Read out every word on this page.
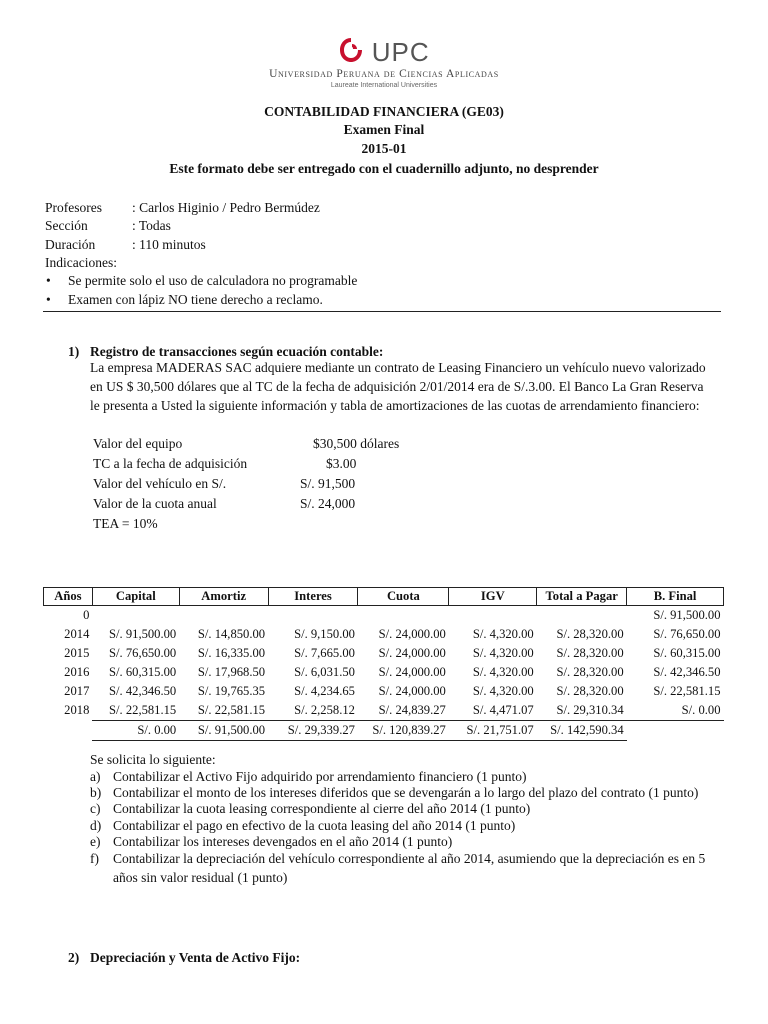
UPC
Universidad Peruana de Ciencias Aplicadas
Laureate International Universities
CONTABILIDAD FINANCIERA (GE03)
Examen Final
2015-01
Este formato debe ser entregado con el cuadernillo adjunto, no desprender
Profesores : Carlos Higinio / Pedro Bermúdez
Sección	: Todas
Duración	: 110 minutos
Indicaciones:
• Se permite solo el uso de calculadora no programable
• Examen con lápiz NO tiene derecho a reclamo.
1) Registro de transacciones según ecuación contable:
La empresa MADERAS SAC adquiere mediante un contrato de Leasing Financiero un vehículo nuevo valorizado
en US $ 30,500 dólares que al TC de la fecha de adquisición 2/01/2014 era de S/.3.00. El Banco La Gran Reserva
le presenta a Usted la siguiente información y tabla de amortizaciones de las cuotas de arrendamiento financiero:
Valor del equipo	$30,500 dólares
TC a la fecha de adquisición	$3.00
Valor del vehículo en S/.	S/. 91,500
Valor de la cuota anual	S/. 24,000
TEA = 10%
Años	Capital	Amortiz	Interes	Cuota	IGV	Total a Pagar	B. Final
0							S/. 91,500.00
2014	S/. 91,500.00	S/. 14,850.00	S/. 9,150.00	S/. 24,000.00	S/. 4,320.00	S/. 28,320.00	S/. 76,650.00
2015	S/. 76,650.00	S/. 16,335.00	S/. 7,665.00	S/. 24,000.00	S/. 4,320.00	S/. 28,320.00	S/. 60,315.00
2016	S/. 60,315.00	S/. 17,968.50	S/. 6,031.50	S/. 24,000.00	S/. 4,320.00	S/. 28,320.00	S/. 42,346.50
2017	S/. 42,346.50	S/. 19,765.35	S/. 4,234.65	S/. 24,000.00	S/. 4,320.00	S/. 28,320.00	S/. 22,581.15
2018	S/. 22,581.15	S/. 22,581.15	S/. 2,258.12	S/. 24,839.27	S/. 4,471.07	S/. 29,310.34	S/. 0.00
	S/. 0.00	S/. 91,500.00	S/. 29,339.27	S/. 120,839.27	S/. 21,751.07	S/. 142,590.34	
Se solicita lo siguiente:
a) Contabilizar el Activo Fijo adquirido por arrendamiento financiero (1 punto)
b) Contabilizar el monto de los intereses diferidos que se devengarán a lo largo del plazo del contrato (1 punto)
c) Contabilizar la cuota leasing correspondiente al cierre del año 2014 (1 punto)
d) Contabilizar el pago en efectivo de la cuota leasing del año 2014 (1 punto)
e) Contabilizar los intereses devengados en el año 2014 (1 punto)
f) Contabilizar la depreciación del vehículo correspondiente al año 2014, asumiendo que la depreciación es en 5
años sin valor residual (1 punto)
2) Depreciación y Venta de Activo Fijo:
